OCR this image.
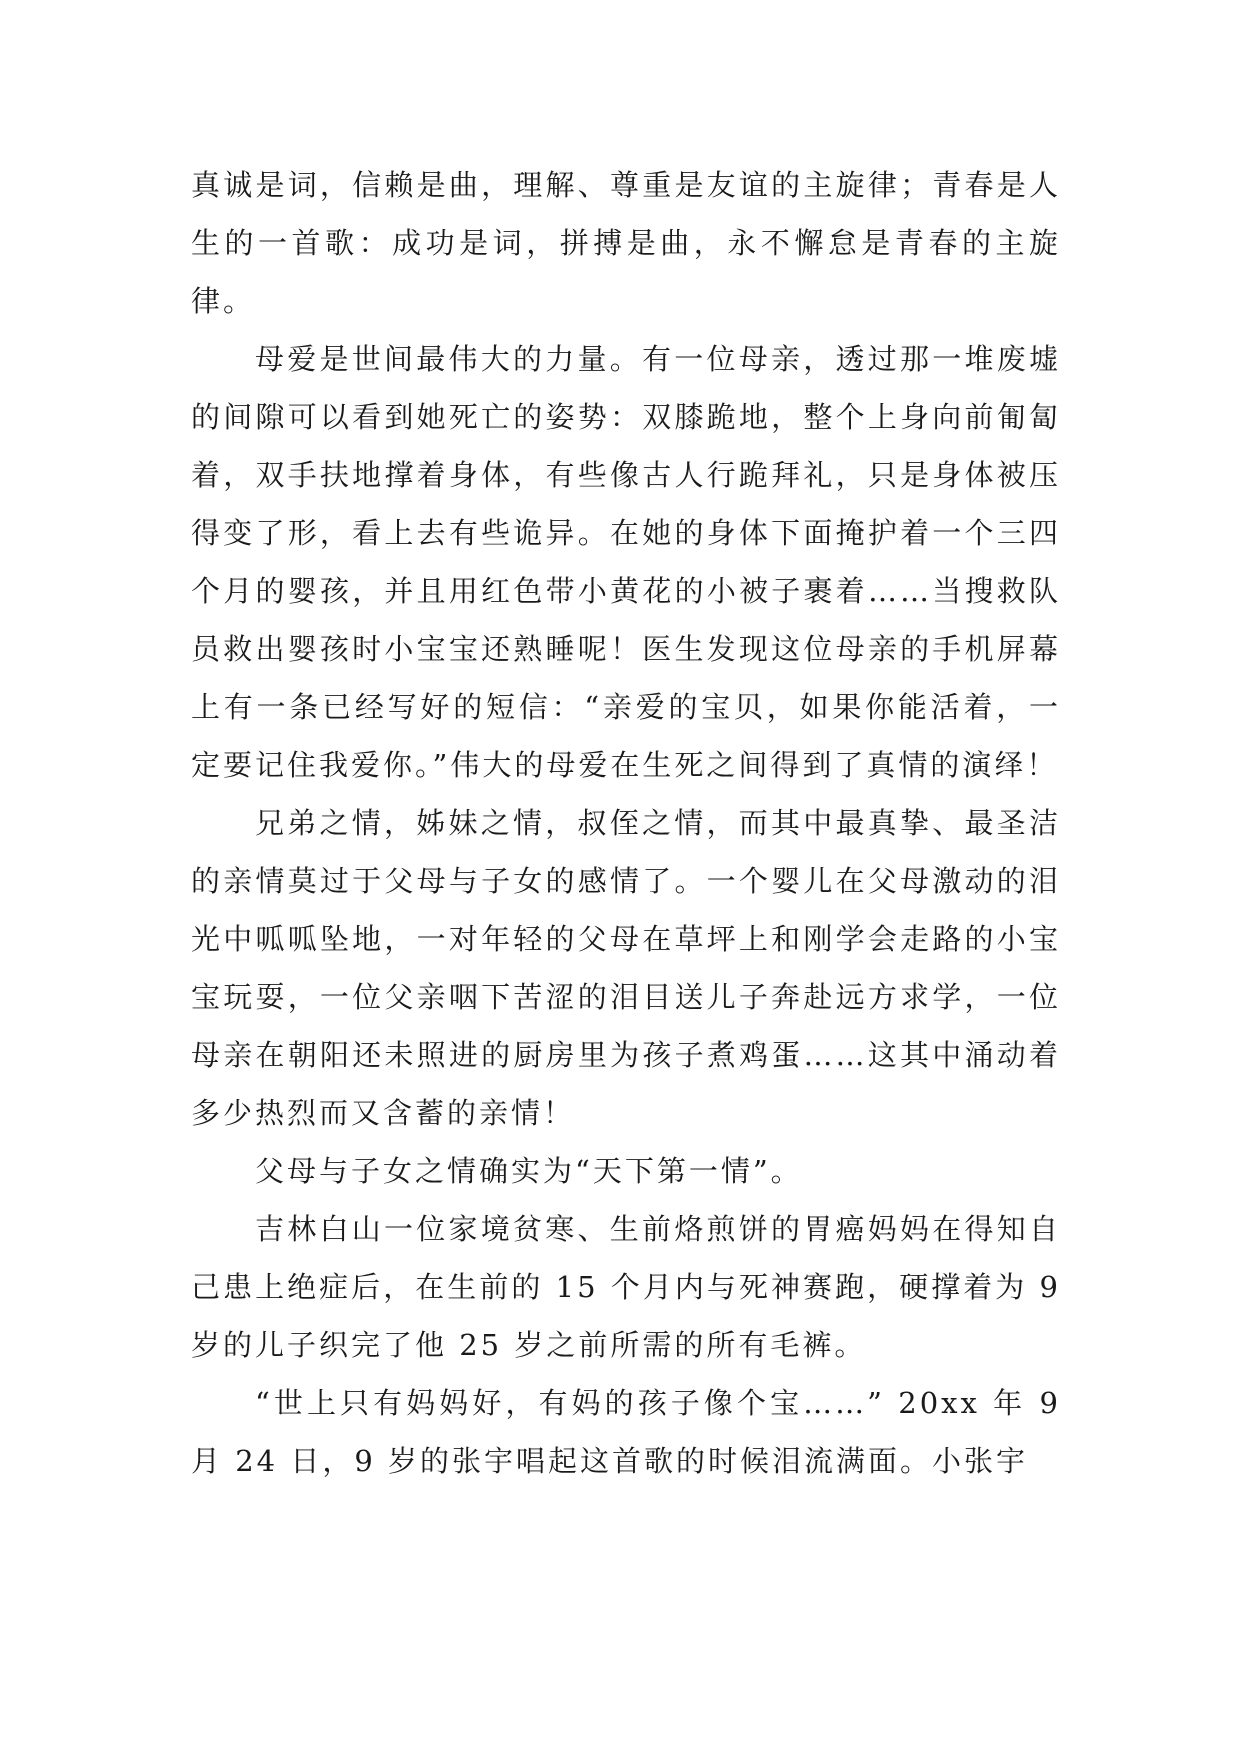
真诚是词，信赖是曲，理解、尊重是友谊的主旋律；青春是人生的一首歌：成功是词，拼搏是曲，永不懈怠是青春的主旋律。

母爱是世间最伟大的力量。有一位母亲，透过那一堆废墟的间隙可以看到她死亡的姿势：双膝跪地，整个上身向前匍匐着，双手扶地撑着身体，有些像古人行跪拜礼，只是身体被压得变了形，看上去有些诡异。在她的身体下面掩护着一个三四个月的婴孩，并且用红色带小黄花的小被子裹着……当搜救队员救出婴孩时小宝宝还熟睡呢！医生发现这位母亲的手机屏幕上有一条已经写好的短信：“亲爱的宝贝，如果你能活着，一定要记住我爱你。”伟大的母爱在生死之间得到了真情的演绎！

兄弟之情，姊妹之情，叔侄之情，而其中最真挚、最圣洁的亲情莫过于父母与子女的感情了。一个婴儿在父母激动的泪光中呱呱坠地，一对年轻的父母在草坪上和刚学会走路的小宝宝玩耍，一位父亲咽下苦涩的泪目送儿子奔赴远方求学，一位母亲在朝阳还未照进的厨房里为孩子煮鸡蛋……这其中涌动着多少热烈而又含蓄的亲情！

父母与子女之情确实为“天下第一情”。

吉林白山一位家境贫寒、生前烙煎饼的胃癌妈妈在得知自己患上绝症后，在生前的 15 个月内与死神赛跑，硬撑着为 9 岁的儿子织完了他 25 岁之前所需的所有毛裤。

“世上只有妈妈好，有妈的孩子像个宝……” 20xx 年 9 月 24 日，9 岁的张宇唱起这首歌的时候泪流满面。小张宇
